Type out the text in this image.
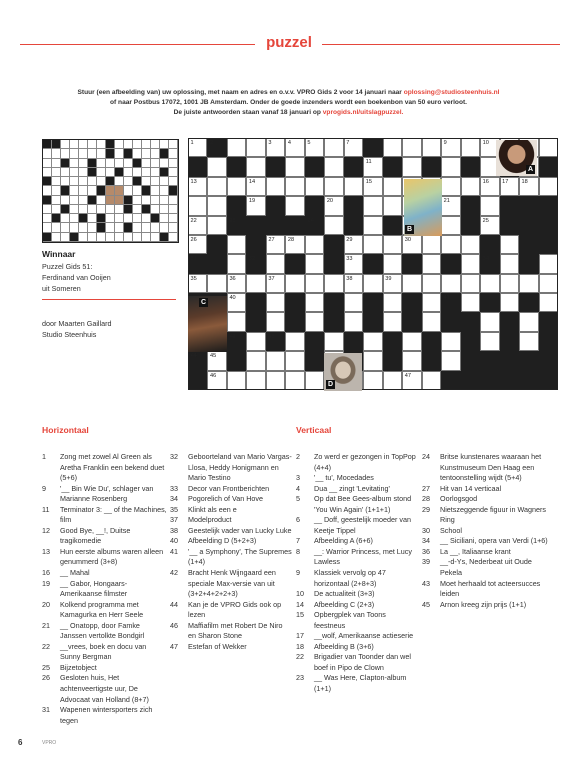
puzzel
Stuur (een afbeelding van) uw oplossing, met naam en adres en o.v.v. VPRO Gids 2 voor 14 januari naar oplossing@studiosteenhuis.nl
of naar Postbus 17072, 1001 JB Amsterdam. Onder de goede inzenders wordt een boekenbon van 50 euro verloot.
De juiste antwoorden staan vanaf 18 januari op vprogids.nl/uitslagpuzzel.
Winnaar
Puzzel Gids 51:
Ferdinand van Ooijen
uit Someren
door Maarten Gaillard
Studio Steenhuis
1	2	3	4	5	7	8	9	10
11	12
13	14	15	16 17 18
19	20	21
22	23	24	25
26	27 28	29	30
31	32	33	34
35	36	37	38	39
40	41
42	43
44 45
46	47
A
B
C
D
Horizontaal	Verticaal
1	Zong met zowel Al Green als Aretha Franklin een bekend duet (5+6)
9	'__ Bin Wie Du', schlager van Marianne Rosenberg
11	Terminator 3: __ of the Machines, film
12	Good Bye, __!, Duitse tragikomedie
13	Hun eerste albums waren alleen genummerd (3+8)
16	__ Mahal
19	__ Gabor, Hongaars-Amerikaanse filmster
20	Kolkend programma met Kamagurka en Herr Seele
21	__ Onatopp, door Famke Janssen vertolkte Bondgirl
22	__vrees, boek en docu van Sunny Bergman
25	Bijzetobject
26	Gesloten huis, Het achtenveertigste uur, De Advocaat van Holland (8+7)
31	Wapenen wintersporters zich tegen
32	Geboorteland van Mario Vargas-Llosa, Heddy Honigmann en Mario Testino
33	Decor van Frontberichten
34	Pogorelich of Van Hove
35	Klinkt als een e
37	Modelproduct
38	Geestelijk vader van Lucky Luke
40	Afbeelding D (5+2+3)
41	'__ a Symphony', The Supremes (1+4)
42	Bracht Henk Wijngaard een speciale Max-versie van uit (3+2+4+2+2+3)
44	Kan je de VPRO Gids ook op lezen
46	Maffiafilm met Robert De Niro en Sharon Stone
47	Estefan of Wekker
2	Zo werd er gezongen in TopPop (4+4)
3	'__ tu', Mocedades
4	Dua __ zingt 'Levitating'
5	Op dat Bee Gees-album stond 'You Win Again' (1+1+1)
6	__ Doff, geestelijk moeder van Keetje Tippel
7	Afbeelding A (6+6)
8	__: Warrior Princess, met Lucy Lawless
9	Klassiek vervolg op 47 horizontaal (2+8+3)
10	De actualiteit (3+3)
14	Afbeelding C (2+3)
15	Opbergplek van Toons feestneus
17	__wolf, Amerikaanse actieserie
18	Afbeelding B (3+6)
22	Brigadier van Toonder dan wel boef in Pipo de Clown
23	__ Was Here, Clapton-album (1+1)
24	Britse kunstenares waaraan het Kunstmuseum Den Haag een tentoonstelling wijdt (5+4)
27	Hit van 14 verticaal
28	Oorlogsgod
29	Nietszeggende figuur in Wagners Ring
30	School
34	__ Siciliani, opera van Verdi (1+6)
36	La __, Italiaanse krant
39	__-d-Ys, Nederbeat uit Oude Pekela
43	Moet herhaald tot acteersucces leiden
45	Arnon kreeg zijn prijs (1+1)
6	VPRO
